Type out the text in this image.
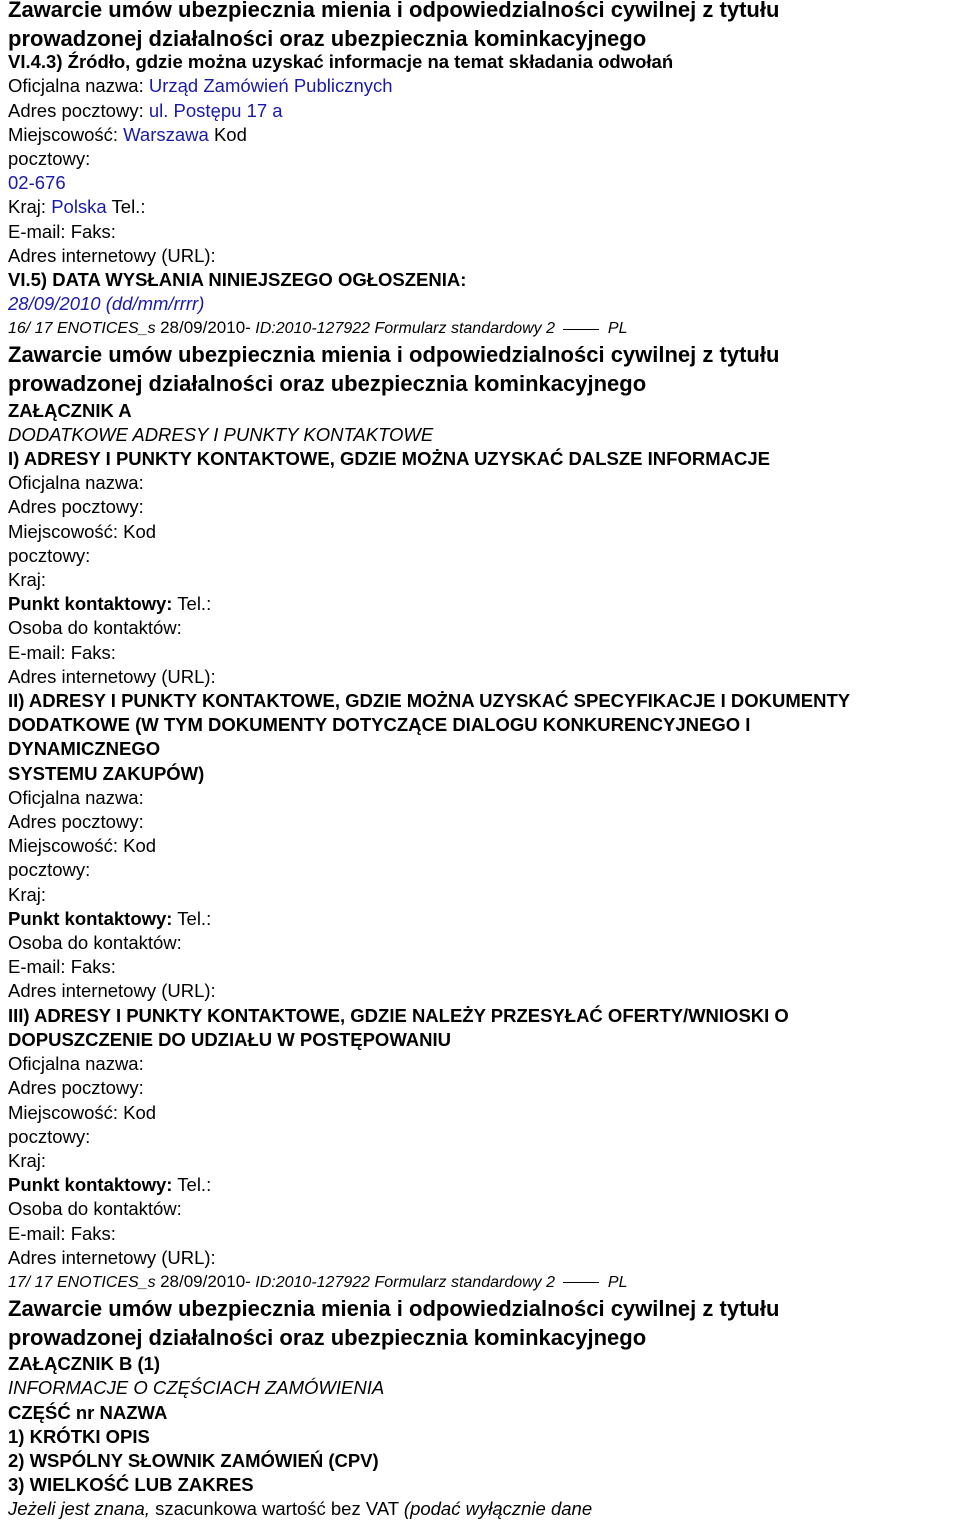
Zawarcie umów ubezpiecznia mienia i odpowiedzialności cywilnej z tytułu
prowadzonej działalności oraz ubezpiecznia kominkacyjnego
VI.4.3) Źródło, gdzie można uzyskać informacje na temat składania odwołań
Oficjalna nazwa: Urząd Zamówień Publicznych
Adres pocztowy: ul. Postępu 17 a
Miejscowość: Warszawa Kod
pocztowy:
02-676
Kraj: Polska Tel.:
E-mail: Faks:
Adres internetowy (URL):
VI.5) DATA WYSŁANIA NINIEJSZEGO OGŁOSZENIA:
28/09/2010 (dd/mm/rrrr)
16/ 17 ENOTICES_s 28/09/2010- ID:2010-127922 Formularz standardowy 2	PL
Zawarcie umów ubezpiecznia mienia i odpowiedzialności cywilnej z tytułu
prowadzonej działalności oraz ubezpiecznia kominkacyjnego
ZAŁĄCZNIK A
DODATKOWE ADRESY I PUNKTY KONTAKTOWE
I) ADRESY I PUNKTY KONTAKTOWE, GDZIE MOŻNA UZYSKAĆ DALSZE INFORMACJE
Oficjalna nazwa:
Adres pocztowy:
Miejscowość: Kod
pocztowy:
Kraj:
Punkt kontaktowy: Tel.:
Osoba do kontaktów:
E-mail: Faks:
Adres internetowy (URL):
II) ADRESY I PUNKTY KONTAKTOWE, GDZIE MOŻNA UZYSKAĆ SPECYFIKACJE I DOKUMENTY
DODATKOWE (W TYM DOKUMENTY DOTYCZĄCE DIALOGU KONKURENCYJNEGO I
DYNAMICZNEGO
SYSTEMU ZAKUPÓW)
Oficjalna nazwa:
Adres pocztowy:
Miejscowość: Kod
pocztowy:
Kraj:
Punkt kontaktowy: Tel.:
Osoba do kontaktów:
E-mail: Faks:
Adres internetowy (URL):
III) ADRESY I PUNKTY KONTAKTOWE, GDZIE NALEŻY PRZESYŁAĆ OFERTY/WNIOSKI O
DOPUSZCZENIE DO UDZIAŁU W POSTĘPOWANIU
Oficjalna nazwa:
Adres pocztowy:
Miejscowość: Kod
pocztowy:
Kraj:
Punkt kontaktowy: Tel.:
Osoba do kontaktów:
E-mail: Faks:
Adres internetowy (URL):
17/ 17 ENOTICES_s 28/09/2010- ID:2010-127922 Formularz standardowy 2	PL
Zawarcie umów ubezpiecznia mienia i odpowiedzialności cywilnej z tytułu
prowadzonej działalności oraz ubezpiecznia kominkacyjnego
ZAŁĄCZNIK B (1)
INFORMACJE O CZĘŚCIACH ZAMÓWIENIA
CZĘŚĆ nr NAZWA
1) KRÓTKI OPIS
2) WSPÓLNY SŁOWNIK ZAMÓWIEŃ (CPV)
3) WIELKOŚĆ LUB ZAKRES
Jeżeli jest znana, szacunkowa wartość bez VAT (podać wyłącznie dane
